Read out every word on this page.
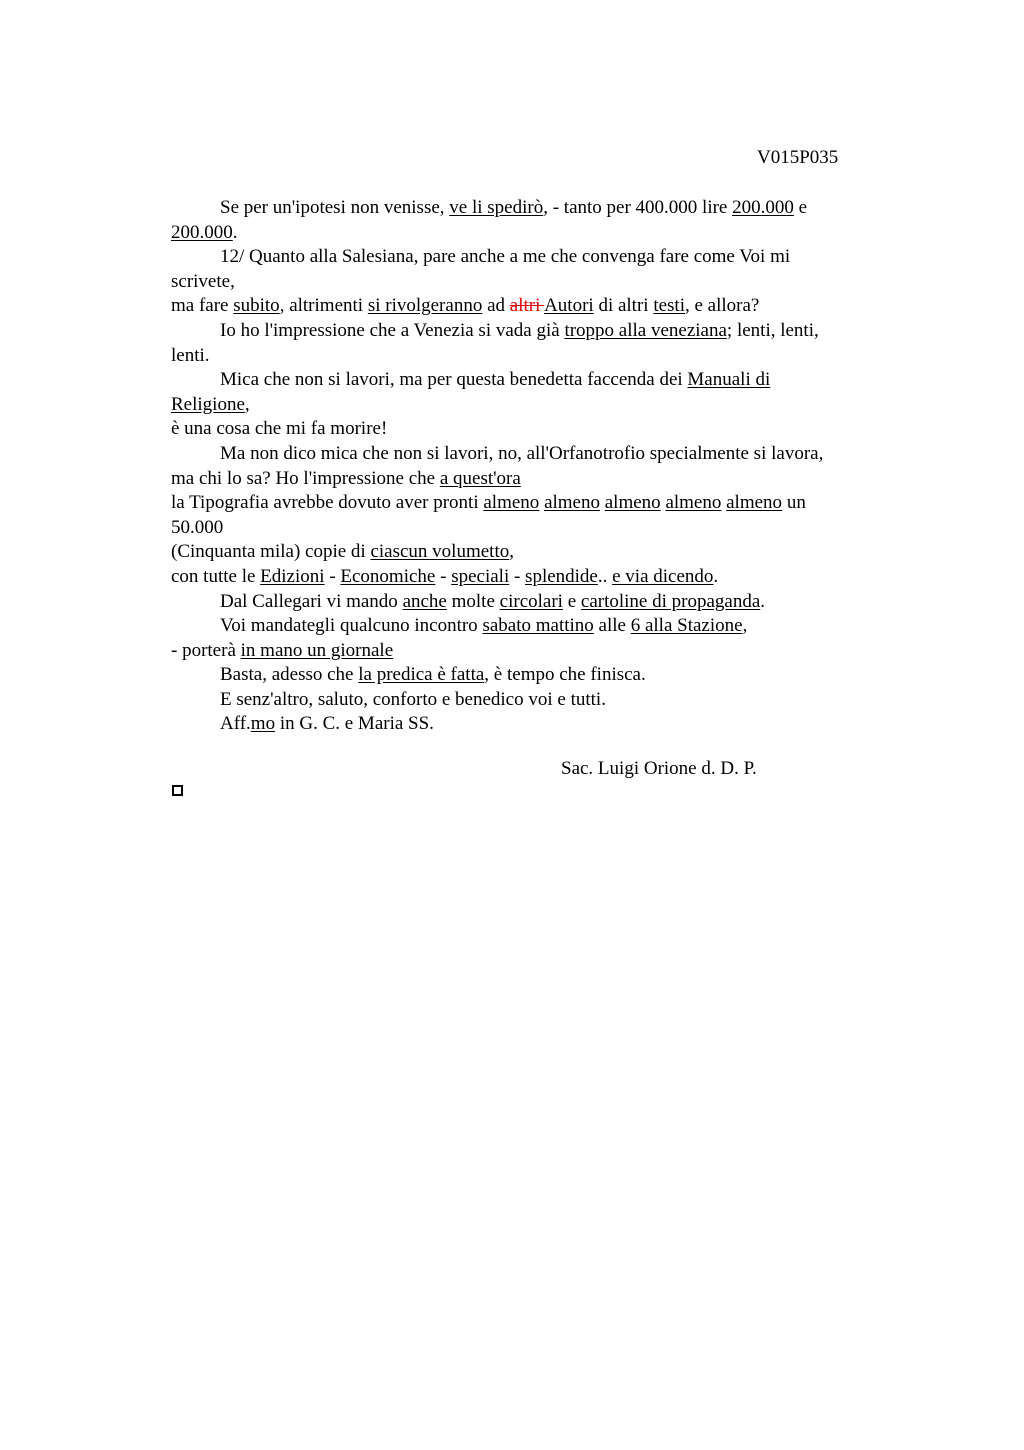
V015P035
Se per un'ipotesi non venisse, ve li spedirò, - tanto per 400.000 lire 200.000 e
200.000.
12/ Quanto alla Salesiana, pare anche a me che convenga fare come Voi mi
scrivete,
ma fare subito, altrimenti si rivolgeranno ad altri Autori di altri testi, e allora?
Io ho l'impressione che a Venezia si vada già troppo alla veneziana; lenti, lenti,
lenti.
Mica che non si lavori, ma per questa benedetta faccenda dei Manuali di
Religione,
è una cosa che mi fa morire!
Ma non dico mica che non si lavori, no, all'Orfanotrofio specialmente si lavora,
ma chi lo sa? Ho l'impressione che a quest'ora
la Tipografia avrebbe dovuto aver pronti almeno almeno almeno almeno almeno un
50.000
(Cinquanta mila) copie di ciascun volumetto,
con tutte le Edizioni - Economiche - speciali - splendide.. e via dicendo.
Dal Callegari vi mando anche molte circolari e cartoline di propaganda.
Voi mandategli qualcuno incontro sabato mattino alle 6 alla Stazione,
- porterà in mano un giornale
Basta, adesso che la predica è fatta, è tempo che finisca.
E senz'altro, saluto, conforto e benedico voi e tutti.
Aff.mo in G. C. e Maria SS.
Sac. Luigi Orione d. D. P.
